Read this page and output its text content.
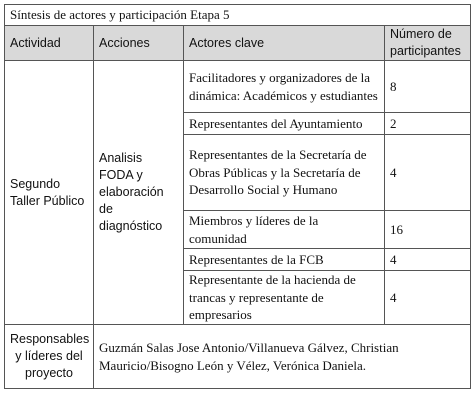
Síntesis de actores y participación Etapa 5			
Actividad	Acciones	Actores clave	Número de participantes
Segundo Taller Público	Analisis FODA y elaboración de diagnóstico	Facilitadores y organizadores de la dinámica: Académicos y estudiantes	8
		Representantes del Ayuntamiento	2
		Representantes de la Secretaría de Obras Públicas y la Secretaría de Desarrollo Social y Humano	4
		Miembros y líderes de la comunidad	16
		Representantes de la FCB	4
		Representante de la hacienda de trancas y representante de empresarios	4
Responsables y líderes del proyecto	Guzmán Salas Jose Antonio/Villanueva Gálvez, Christian Mauricio/Bisogno León y Vélez, Verónica Daniela.		
